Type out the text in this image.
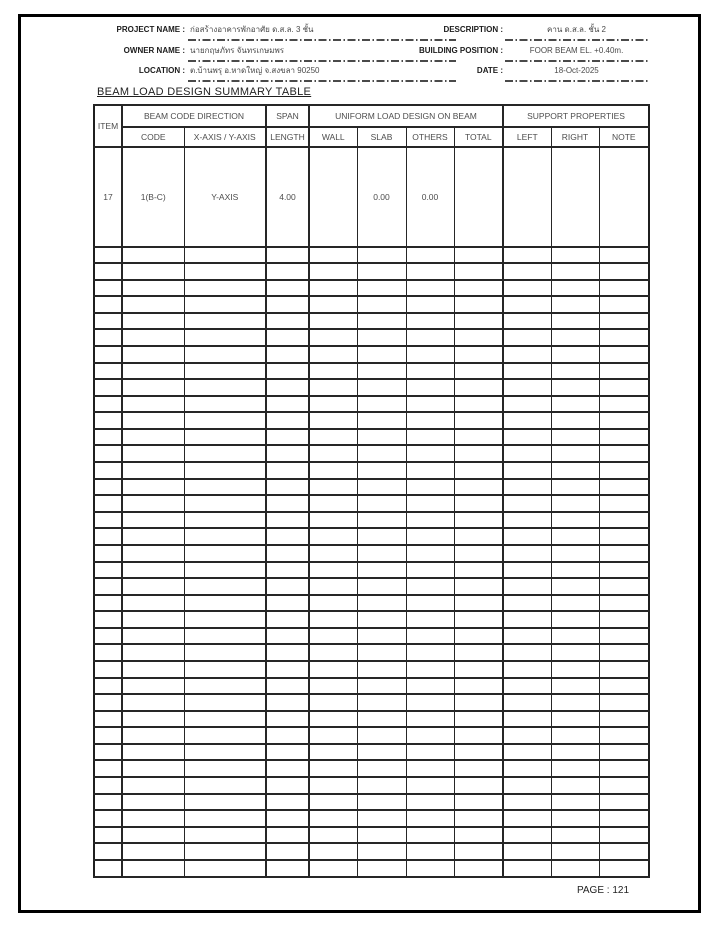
PROJECT NAME : ก่อสร้างอาคารพักอาศัย ด.ส.ล. 3 ชั้น
OWNER NAME : นายกฤษภัทร จันทรเกษมพร
LOCATION : ต.บ้านพรุ อ.หาดใหญ่ จ.สงขลา 90250
DESCRIPTION :	คาน ด.ส.ล. ชั้น 2
BUILDING POSITION :	FOOR BEAM EL. +0.40m.
DATE :	18-Oct-2025
BEAM LOAD DESIGN SUMMARY TABLE
ITEM	BEAM CODE DIRECTION		SPAN	UNIFORM LOAD DESIGN ON BEAM				SUPPORT PROPERTIES		
	CODE	X-AXIS / Y-AXIS	LENGTH	WALL	SLAB	OTHERS	TOTAL	LEFT	RIGHT	NOTE
17	1(B-C)	Y-AXIS	4.00		0.00	0.00				

PAGE : 121
